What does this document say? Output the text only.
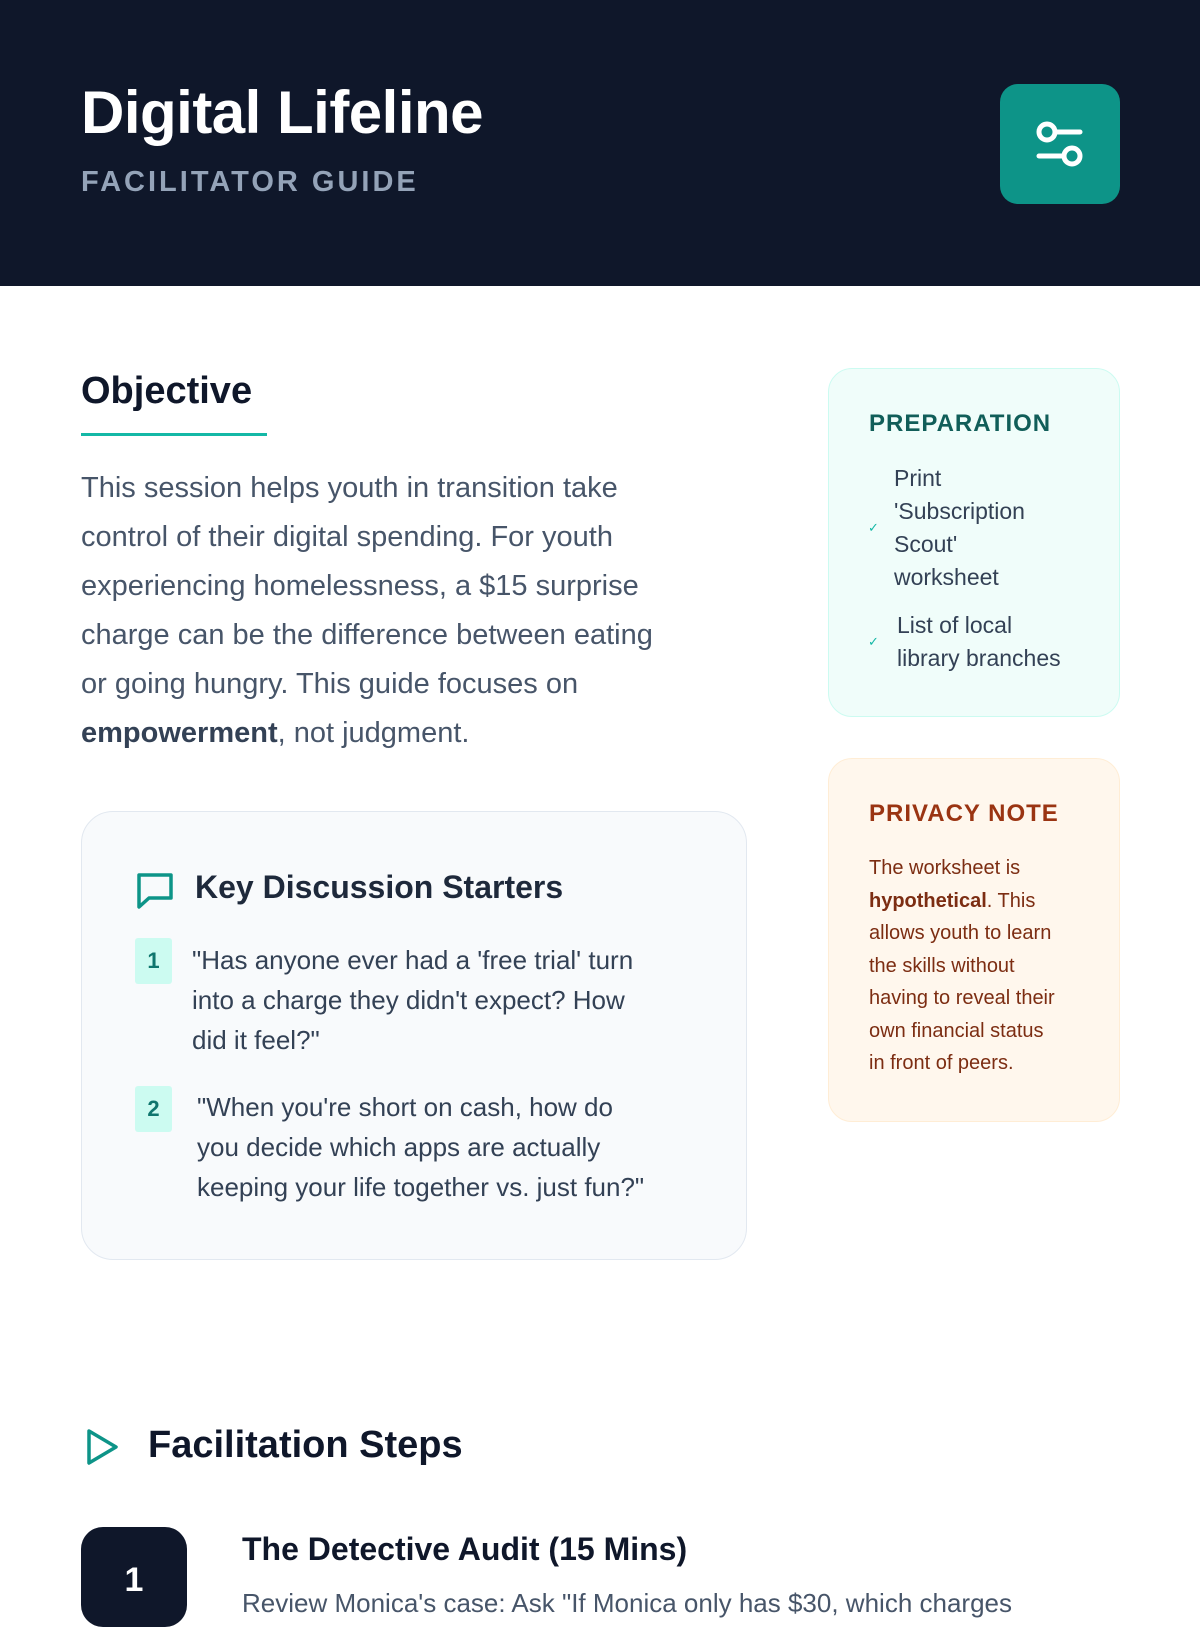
Digital Lifeline
FACILITATOR GUIDE
Objective
This session helps youth in transition take
control of their digital spending. For youth
experiencing homelessness, a $15 surprise
charge can be the difference between eating
or going hungry. This guide focuses on
empowerment, not judgment.
Key Discussion Starters
1	"Has anyone ever had a 'free trial' turn
into a charge they didn't expect? How
did it feel?"
2	"When you're short on cash, how do
you decide which apps are actually
keeping your life together vs. just fun?"
PREPARATION
✓
Print
'Subscription
Scout'
worksheet
✓
List of local
library branches
PRIVACY NOTE
The worksheet is
hypothetical. This
allows youth to learn
the skills without
having to reveal their
own financial status
in front of peers.
Facilitation Steps
1
The Detective Audit (15 Mins)
Review Monica's case: Ask "If Monica only has $30, which charges
